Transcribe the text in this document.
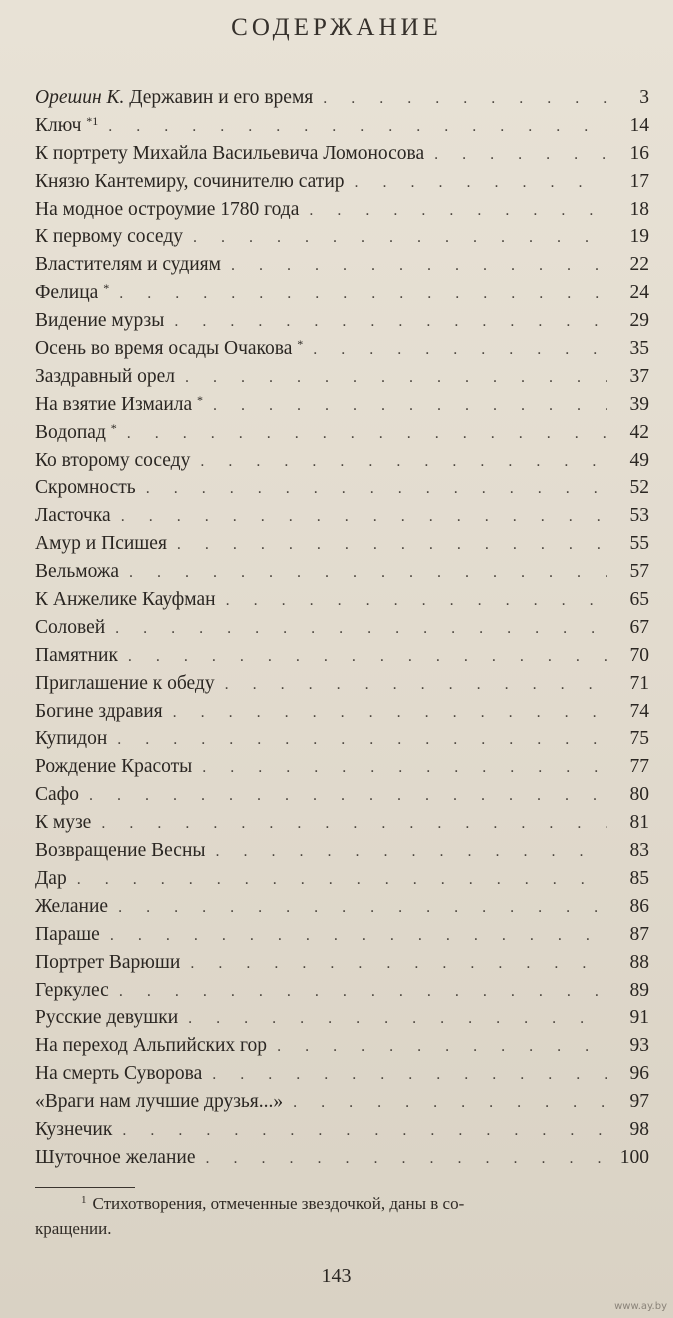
СОДЕРЖАНИЕ
Орешин К. Державин и его время . . .	3
Ключ $^{*1}$ . . .	14
К портрету Михайла Васильевича Ломоносова . . .	16
Князю Кантемиру, сочинителю сатир . . .	17
На модное остроумие 1780 года . . .	18
К первому соседу . . .	19
Властителям и судиям . . .	22
Фелица * . . .	24
Видение мурзы . . .	29
Осень во время осады Очакова * . . .	35
Заздравный орел . . .	37
На взятие Измаила * . . .	39
Водопад * . . .	42
Ко второму соседу . . .	49
Скромность . . .	52
Ласточка . . .	53
Амур и Псишея . . .	55
Вельможа . . .	57
К Анжелике Кауфман . . .	65
Соловей . . .	67
Памятник . . .	70
Приглашение к обеду . . .	71
Богине здравия . . .	74
Купидон . . .	75
Рождение Красоты . . .	77
Сафо . . .	80
К музе . . .	81
Возвращение Весны . . .	83
Дар . . .	85
Желание . . .	86
Параше . . .	87
Портрет Варюши . . .	88
Геркулес . . .	89
Русские девушки . . .	91
На переход Альпийских гор . . .	93
На смерть Суворова . . .	96
«Враги нам лучшие друзья...» . . .	97
Кузнечик . . .	98
Шуточное желание . . .	100
$^1$ Стихотворения, отмеченные звездочкой, даны в со-
кращении.
143
www.ay.by
